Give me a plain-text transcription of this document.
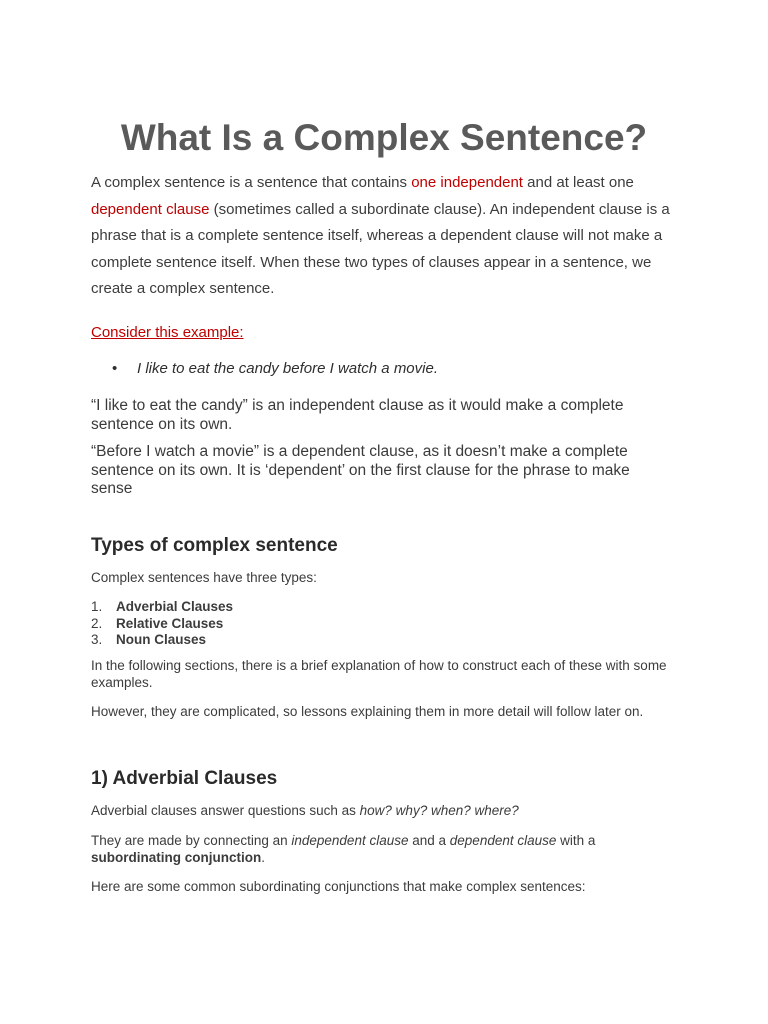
What Is a Complex Sentence?

A complex sentence is a sentence that contains one independent and at least one dependent clause (sometimes called a subordinate clause). An independent clause is a phrase that is a complete sentence itself, whereas a dependent clause will not make a complete sentence itself. When these two types of clauses appear in a sentence, we create a complex sentence.

Consider this example:

• I like to eat the candy before I watch a movie.

“I like to eat the candy” is an independent clause as it would make a complete sentence on its own.

“Before I watch a movie” is a dependent clause, as it doesn’t make a complete sentence on its own. It is ‘dependent’ on the first clause for the phrase to make sense

Types of complex sentence

Complex sentences have three types:

1. Adverbial Clauses
2. Relative Clauses
3. Noun Clauses

In the following sections, there is a brief explanation of how to construct each of these with some examples.

However, they are complicated, so lessons explaining them in more detail will follow later on.

1) Adverbial Clauses

Adverbial clauses answer questions such as how? why? when? where?

They are made by connecting an independent clause and a dependent clause with a
subordinating conjunction.

Here are some common subordinating conjunctions that make complex sentences:
